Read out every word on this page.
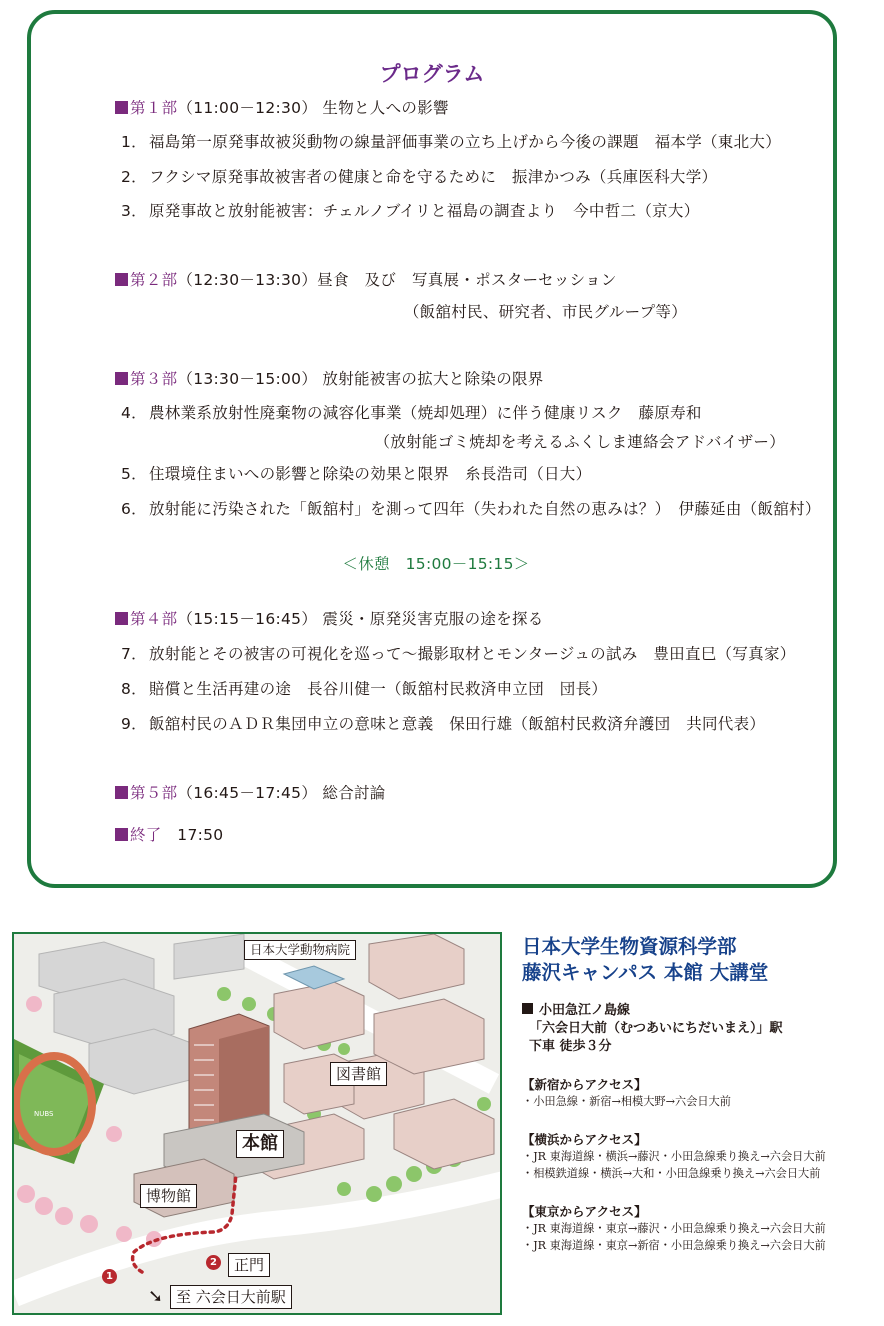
プログラム
第１部（11:00－12:30） 生物と人への影響
1． 福島第一原発事故被災動物の線量評価事業の立ち上げから今後の課題　福本学（東北大）
2． フクシマ原発事故被害者の健康と命を守るために　振津かつみ（兵庫医科大学）
3． 原発事故と放射能被害：チェルノブイリと福島の調査より　今中哲二（京大）
第２部（12:30－13:30）昼食　及び　写真展・ポスターセッション
（飯舘村民、研究者、市民グループ等）
第３部（13:30－15:00） 放射能被害の拡大と除染の限界
4． 農林業系放射性廃棄物の減容化事業（焼却処理）に伴う健康リスク　藤原寿和
（放射能ゴミ焼却を考えるふくしま連絡会アドバイザー）
5． 住環境住まいへの影響と除染の効果と限界　糸長浩司（日大）
6． 放射能に汚染された「飯舘村」を測って四年（失われた自然の恵みは？）　伊藤延由（飯舘村）
＜休憩　15:00－15:15＞
第４部（15:15－16:45） 震災・原発災害克服の途を探る
7． 放射能とその被害の可視化を巡って～撮影取材とモンタージュの試み　豊田直巳（写真家）
8． 賠償と生活再建の途　長谷川健一（飯舘村民救済申立団　団長）
9． 飯舘村民のＡＤＲ集団申立の意味と意義　保田行雄（飯舘村民救済弁護団　共同代表）
第５部（16:45－17:45） 総合討論
終了 17:50
日本大学動物病院
図書館
本館
博物館
正門
至 六会日大前駅
➘
1
2
NUBS
日本大学生物資源科学部
藤沢キャンパス 本館 大講堂
小田急江ノ島線
「六会日大前（むつあいにちだいまえ）」駅
下車 徒歩３分
【新宿からアクセス】
・小田急線・新宿→相模大野→六会日大前
【横浜からアクセス】
・JR 東海道線・横浜→藤沢・小田急線乗り換え→六会日大前
・相模鉄道線・横浜→大和・小田急線乗り換え→六会日大前
【東京からアクセス】
・JR 東海道線・東京→藤沢・小田急線乗り換え→六会日大前
・JR 東海道線・東京→新宿・小田急線乗り換え→六会日大前
